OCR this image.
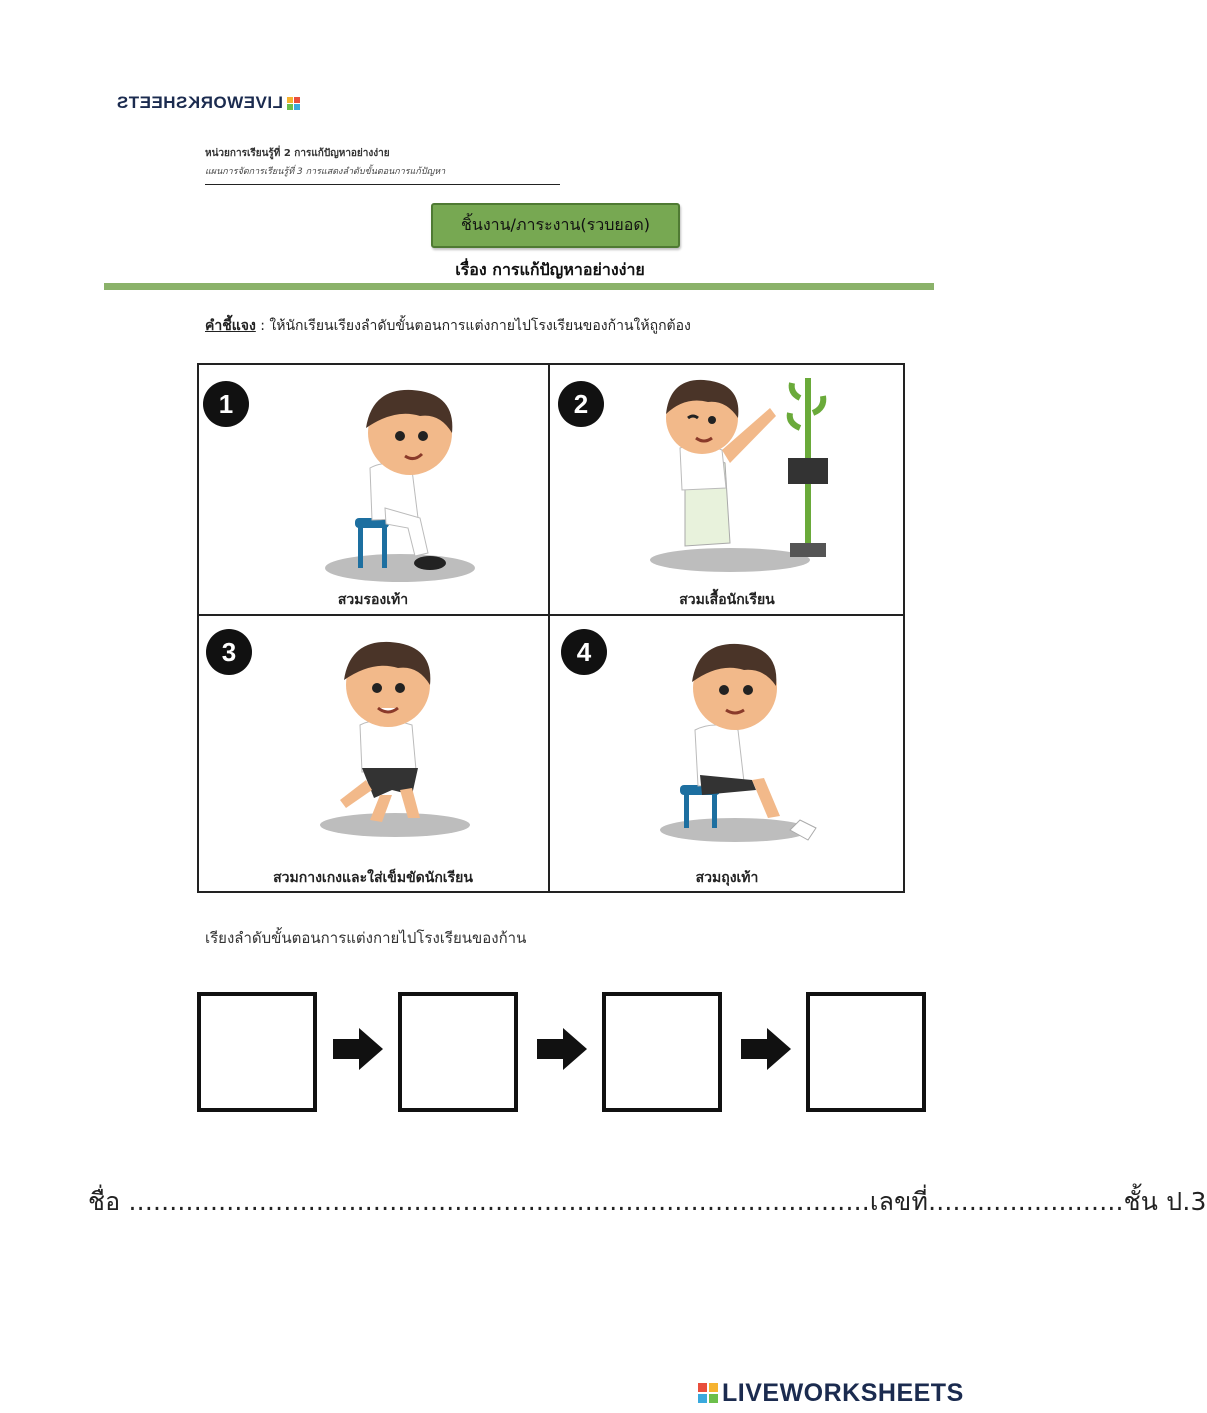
LIVEWORKSHEETS
หน่วยการเรียนรู้ที่ 2 การแก้ปัญหาอย่างง่าย
แผนการจัดการเรียนรู้ที่ 3 การแสดงลำดับขั้นตอนการแก้ปัญหา
ชิ้นงาน/ภาระงาน(รวบยอด)
เรื่อง การแก้ปัญหาอย่างง่าย
คำชี้แจง : ให้นักเรียนเรียงลำดับขั้นตอนการแต่งกายไปโรงเรียนของก้านให้ถูกต้อง
1
สวมรองเท้า
2
สวมเสื้อนักเรียน
3
สวมกางเกงและใส่เข็มขัดนักเรียน
4
สวมถุงเท้า
เรียงลำดับขั้นตอนการแต่งกายไปโรงเรียนของก้าน
ชื่อ ...........................................................................................เลขที่........................ชั้น ป.3
LIVEWORKSHEETS
